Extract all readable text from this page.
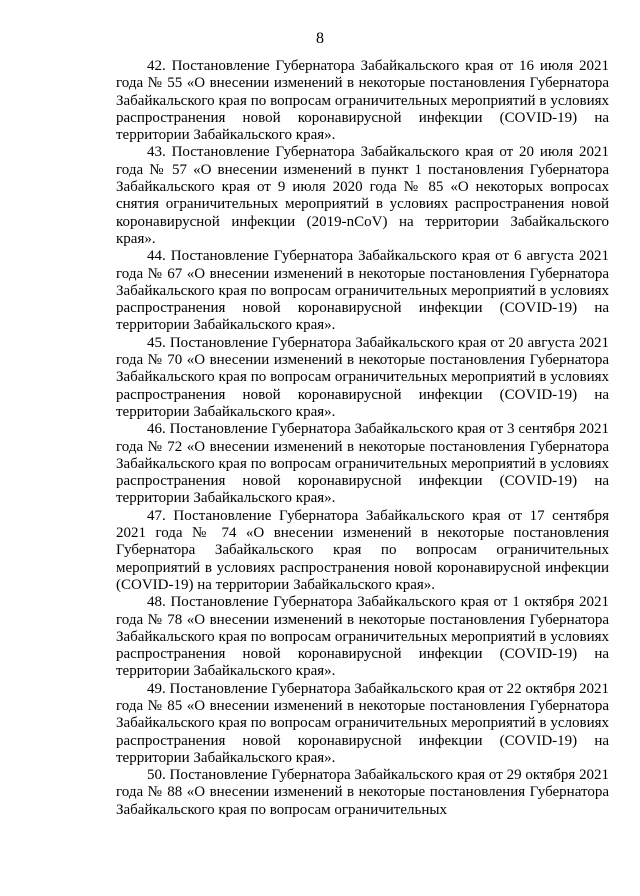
8

42. Постановление Губернатора Забайкальского края от 16 июля 2021 года № 55 «О внесении изменений в некоторые постановления Губернатора Забайкальского края по вопросам ограничительных мероприятий в условиях распространения новой коронавирусной инфекции (COVID-19) на территории Забайкальского края».

43. Постановление Губернатора Забайкальского края от 20 июля 2021 года № 57 «О внесении изменений в пункт 1 постановления Губернатора Забайкальского края от 9 июля 2020 года № 85 «О некоторых вопросах снятия ограничительных мероприятий в условиях распространения новой коронавирусной инфекции (2019-nCoV) на территории Забайкальского края».

44. Постановление Губернатора Забайкальского края от 6 августа 2021 года № 67 «О внесении изменений в некоторые постановления Губернатора Забайкальского края по вопросам ограничительных мероприятий в условиях распространения новой коронавирусной инфекции (COVID-19) на территории Забайкальского края».

45. Постановление Губернатора Забайкальского края от 20 августа 2021 года № 70 «О внесении изменений в некоторые постановления Губернатора Забайкальского края по вопросам ограничительных мероприятий в условиях распространения новой коронавирусной инфекции (COVID-19) на территории Забайкальского края».

46. Постановление Губернатора Забайкальского края от 3 сентября 2021 года № 72 «О внесении изменений в некоторые постановления Губернатора Забайкальского края по вопросам ограничительных мероприятий в условиях распространения новой коронавирусной инфекции (COVID-19) на территории Забайкальского края».

47. Постановление Губернатора Забайкальского края от 17 сентября 2021 года № 74 «О внесении изменений в некоторые постановления Губернатора Забайкальского края по вопросам ограничительных мероприятий в условиях распространения новой коронавирусной инфекции (COVID-19) на территории Забайкальского края».

48. Постановление Губернатора Забайкальского края от 1 октября 2021 года № 78 «О внесении изменений в некоторые постановления Губернатора Забайкальского края по вопросам ограничительных мероприятий в условиях распространения новой коронавирусной инфекции (COVID-19) на территории Забайкальского края».

49. Постановление Губернатора Забайкальского края от 22 октября 2021 года № 85 «О внесении изменений в некоторые постановления Губернатора Забайкальского края по вопросам ограничительных мероприятий в условиях распространения новой коронавирусной инфекции (COVID-19) на территории Забайкальского края».

50. Постановление Губернатора Забайкальского края от 29 октября 2021 года № 88 «О внесении изменений в некоторые постановления Губернатора Забайкальского края по вопросам ограничительных
